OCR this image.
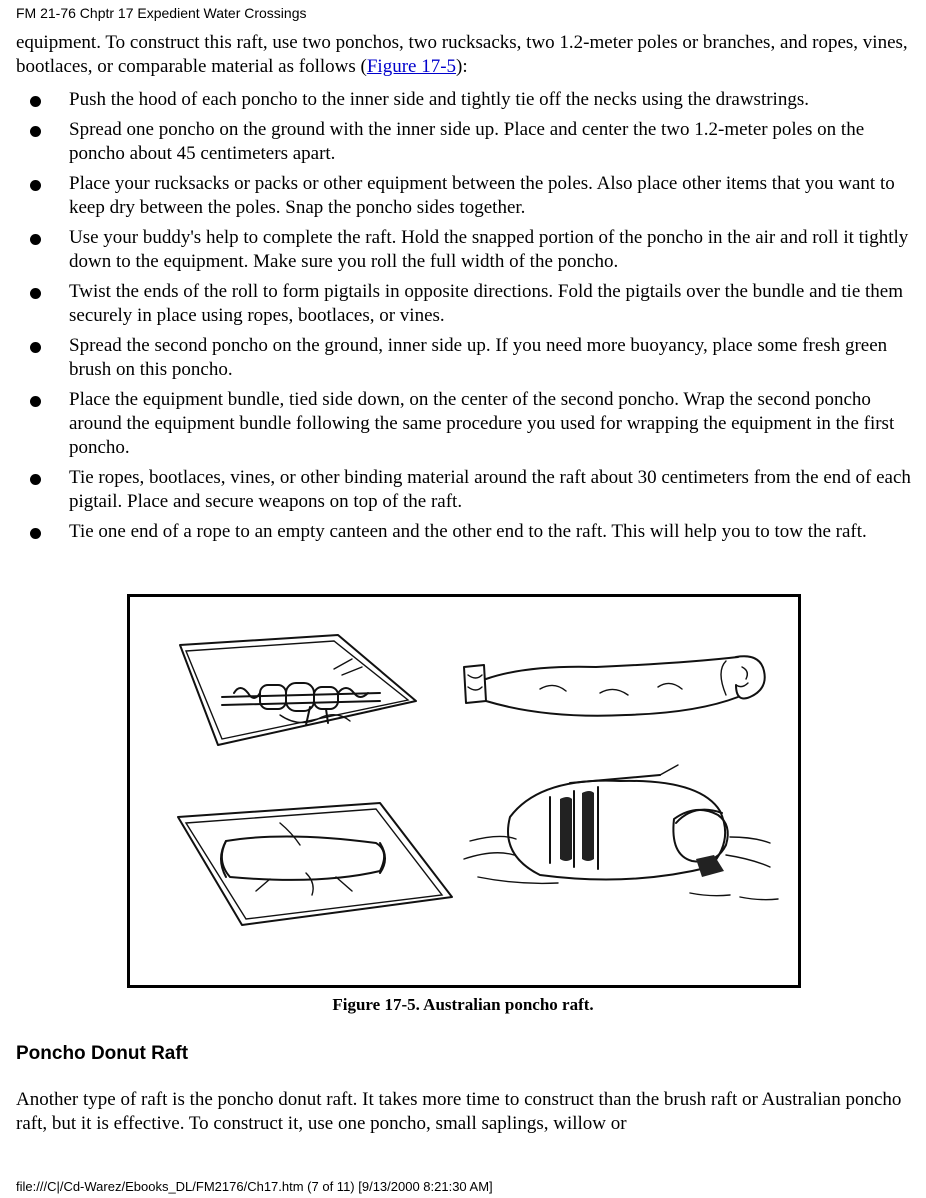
FM 21-76 Chptr 17 Expedient Water Crossings

equipment. To construct this raft, use two ponchos, two rucksacks, two 1.2-meter poles or branches, and ropes, vines, bootlaces, or comparable material as follows (Figure 17-5):

Push the hood of each poncho to the inner side and tightly tie off the necks using the drawstrings.
Spread one poncho on the ground with the inner side up. Place and center the two 1.2-meter poles on the poncho about 45 centimeters apart.
Place your rucksacks or packs or other equipment between the poles. Also place other items that you want to keep dry between the poles. Snap the poncho sides together.
Use your buddy's help to complete the raft. Hold the snapped portion of the poncho in the air and roll it tightly down to the equipment. Make sure you roll the full width of the poncho.
Twist the ends of the roll to form pigtails in opposite directions. Fold the pigtails over the bundle and tie them securely in place using ropes, bootlaces, or vines.
Spread the second poncho on the ground, inner side up. If you need more buoyancy, place some fresh green brush on this poncho.
Place the equipment bundle, tied side down, on the center of the second poncho. Wrap the second poncho around the equipment bundle following the same procedure you used for wrapping the equipment in the first poncho.
Tie ropes, bootlaces, vines, or other binding material around the raft about 30 centimeters from the end of each pigtail. Place and secure weapons on top of the raft.
Tie one end of a rope to an empty canteen and the other end to the raft. This will help you to tow the raft.
Figure 17-5. Australian poncho raft.
Poncho Donut Raft

Another type of raft is the poncho donut raft. It takes more time to construct than the brush raft or Australian poncho raft, but it is effective. To construct it, use one poncho, small saplings, willow or

file:///C|/Cd-Warez/Ebooks_DL/FM2176/Ch17.htm (7 of 11) [9/13/2000 8:21:30 AM]
